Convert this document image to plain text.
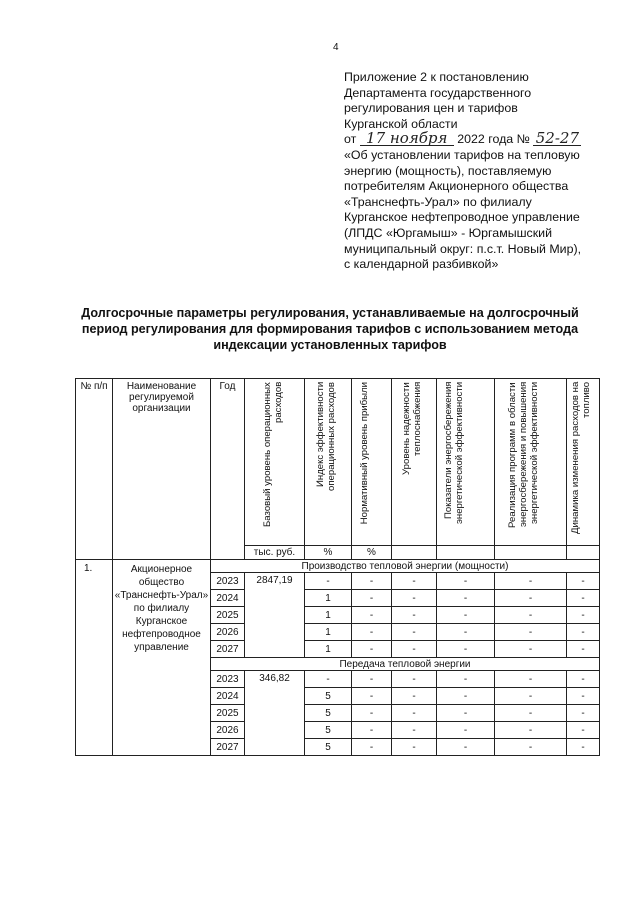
4
Приложение 2 к постановлению
Департамента государственного
регулирования цен и тарифов
Курганской области
от 17 ноября 2022 года № 52-27
«Об установлении тарифов на тепловую
энергию (мощность), поставляемую
потребителям Акционерного общества
«Транснефть-Урал» по филиалу
Курганское нефтепроводное управление
(ЛПДС «Юргамыш» - Юргамышский
муниципальный округ: п.с.т. Новый Мир),
с календарной разбивкой»
Долгосрочные параметры регулирования, устанавливаемые на долгосрочный
период регулирования для формирования тарифов с использованием метода
индексации установленных тарифов
№ п/п	Наименование регулируемой организации	Год	Базовый уровень операционных расходов	Индекс эффективности операционных расходов	Нормативный уровень прибыли	Уровень надежности теплоснабжения	Показатели энергосбережения энергетической эффективности	Реализация программ в области энергосбережения и повышения энергетической эффективности	Динамика изменения расходов на топливо

			тыс. руб.	%	%				
1.	Акционерное общество «Транснефть-Урал» по филиалу Курганское нефтепроводное управление	Производство тепловой энергии (мощности)							
		2023	2847,19	-	-	-	-	-	-
		2024		1	-	-	-	-	-
		2025		1	-	-	-	-	-
		2026		1	-	-	-	-	-
		2027		1	-	-	-	-	-
		Передача тепловой энергии							
		2023	346,82	-	-	-	-	-	-
		2024		5	-	-	-	-	-
		2025		5	-	-	-	-	-
		2026		5	-	-	-	-	-
		2027		5	-	-	-	-	-
